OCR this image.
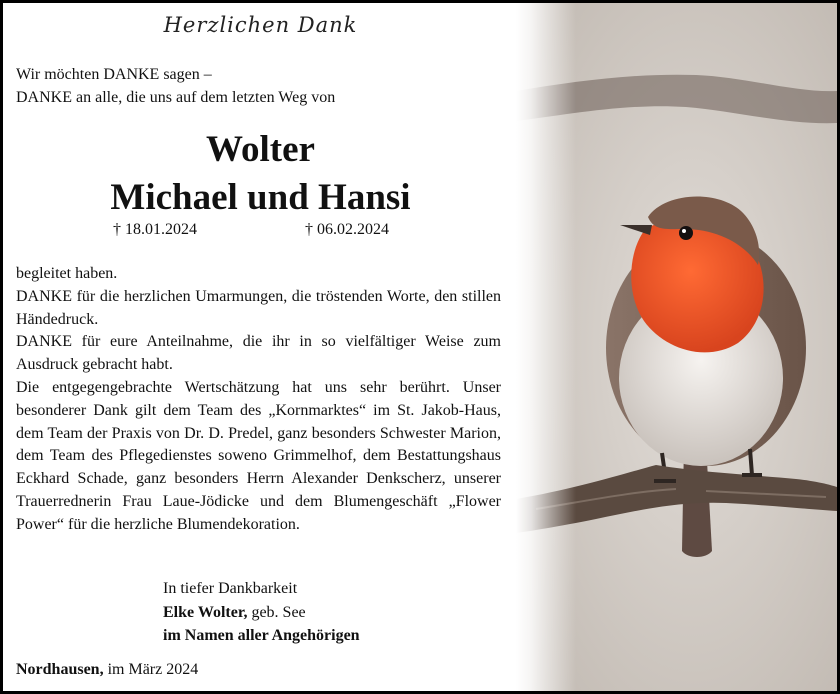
Herzlichen Dank
Wir möchten DANKE sagen –
DANKE an alle, die uns auf dem letzten Weg von
Wolter
Michael und Hansi
† 18.01.2024	† 06.02.2024

begleitet haben.

DANKE für die herzlichen Umarmungen, die tröstenden Worte, den stillen Händedruck.

DANKE für eure Anteilnahme, die ihr in so vielfältiger Weise zum Ausdruck gebracht habt.

Die entgegengebrachte Wertschätzung hat uns sehr berührt. Unser besonderer Dank gilt dem Team des „Kornmarktes“ im St. Jakob-Haus, dem Team der Praxis von Dr. D. Predel, ganz besonders Schwester Marion, dem Team des Pflegedienstes soweno Grimmelhof, dem Bestattungshaus Eckhard Schade, ganz besonders Herrn Alexander Denkscherz, unserer Trauerrednerin Frau Laue-Jödicke und dem Blumengeschäft „Flower Power“ für die herzliche Blumendekoration.

In tiefer Dankbarkeit
Elke Wolter, geb. See
im Namen aller Angehörigen
Nordhausen, im März 2024
